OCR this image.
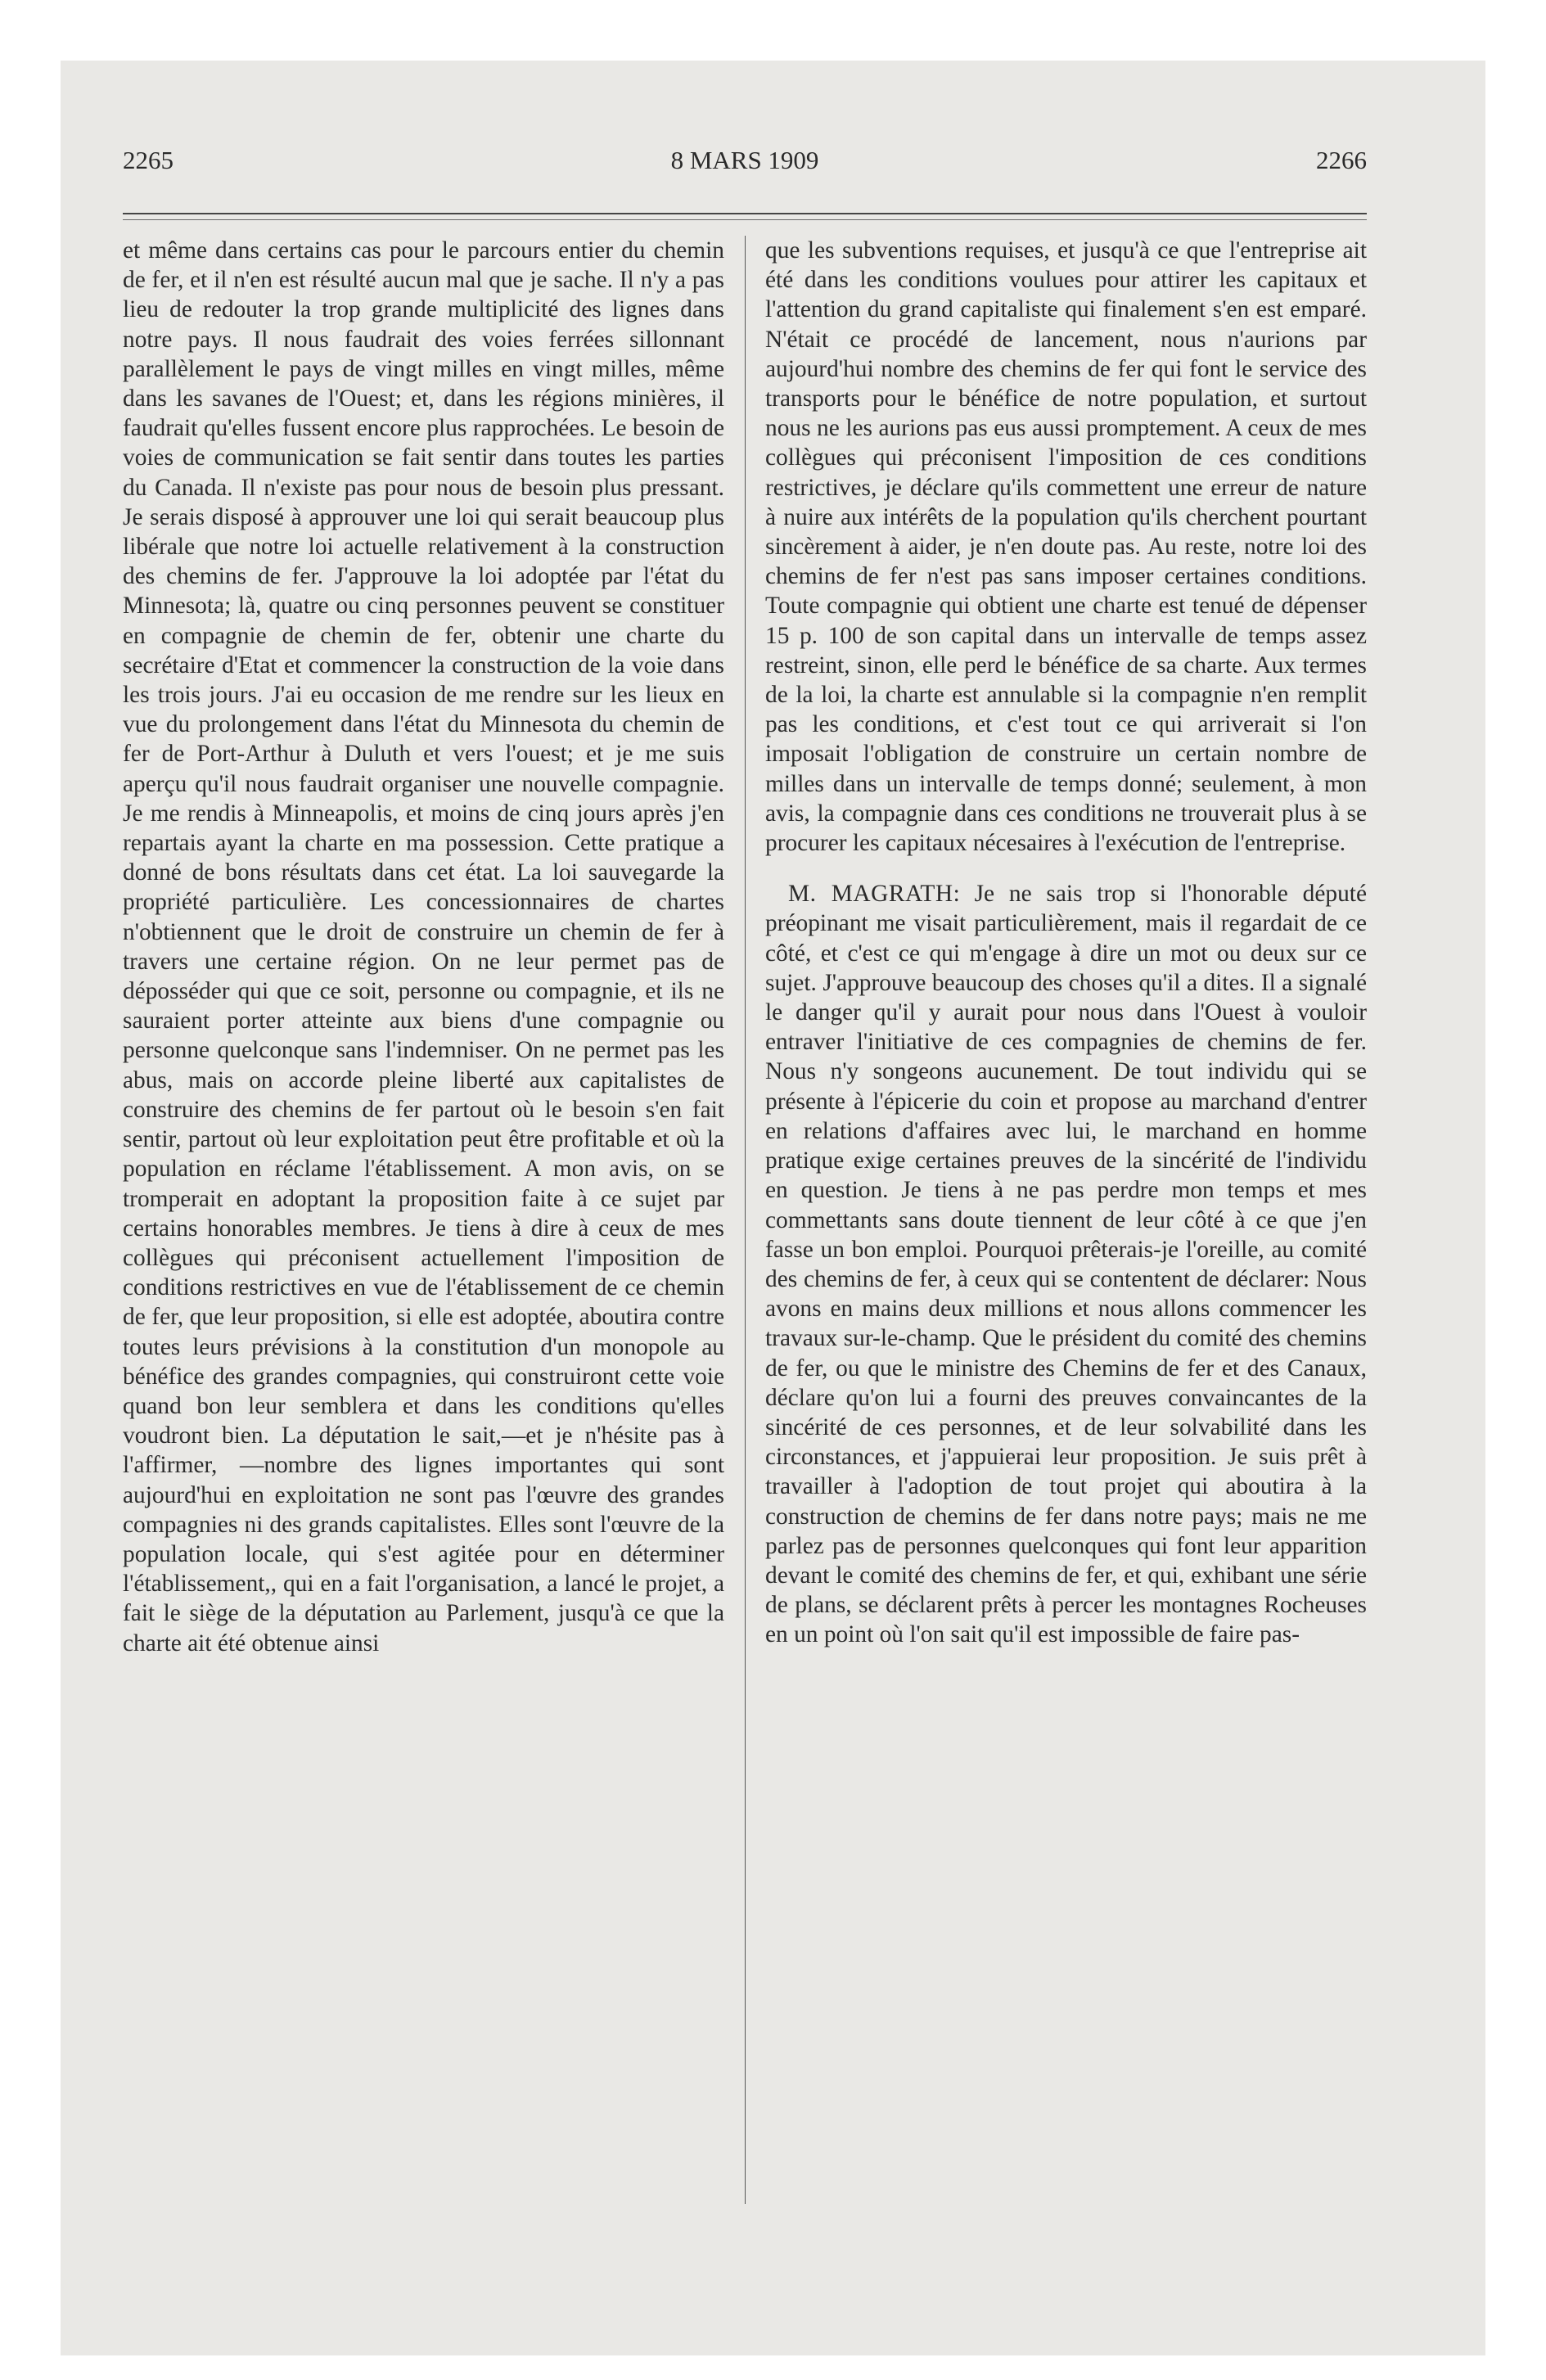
2265	8 MARS 1909	2266

et même dans certains cas pour le parcours entier du chemin de fer, et il n'en est résulté aucun mal que je sache. Il n'y a pas lieu de redouter la trop grande multiplicité des lignes dans notre pays. Il nous faudrait des voies ferrées sillonnant parallèlement le pays de vingt milles en vingt milles, même dans les savanes de l'Ouest; et, dans les régions minières, il faudrait qu'elles fussent encore plus rapprochées. Le besoin de voies de communication se fait sentir dans toutes les parties du Canada. Il n'existe pas pour nous de besoin plus pressant. Je serais disposé à approuver une loi qui serait beaucoup plus libérale que notre loi actuelle relativement à la construction des chemins de fer. J'approuve la loi adoptée par l'état du Minnesota; là, quatre ou cinq personnes peuvent se constituer en compagnie de chemin de fer, obtenir une charte du secrétaire d'Etat et commencer la construction de la voie dans les trois jours. J'ai eu occasion de me rendre sur les lieux en vue du prolongement dans l'état du Minnesota du chemin de fer de Port-Arthur à Duluth et vers l'ouest; et je me suis aperçu qu'il nous faudrait organiser une nouvelle compagnie. Je me rendis à Minneapolis, et moins de cinq jours après j'en repartais ayant la charte en ma possession. Cette pratique a donné de bons résultats dans cet état. La loi sauvegarde la propriété particulière. Les concessionnaires de chartes n'obtiennent que le droit de construire un chemin de fer à travers une certaine région. On ne leur permet pas de déposséder qui que ce soit, personne ou compagnie, et ils ne sauraient porter atteinte aux biens d'une compagnie ou personne quelconque sans l'indemniser. On ne permet pas les abus, mais on accorde pleine liberté aux capitalistes de construire des chemins de fer partout où le besoin s'en fait sentir, partout où leur exploitation peut être profitable et où la population en réclame l'établissement. A mon avis, on se tromperait en adoptant la proposition faite à ce sujet par certains honorables membres. Je tiens à dire à ceux de mes collègues qui préconisent actuellement l'imposition de conditions restrictives en vue de l'établissement de ce chemin de fer, que leur proposition, si elle est adoptée, aboutira contre toutes leurs prévisions à la constitution d'un monopole au bénéfice des grandes compagnies, qui construiront cette voie quand bon leur semblera et dans les conditions qu'elles voudront bien. La députation le sait,—et je n'hésite pas à l'affirmer, —nombre des lignes importantes qui sont aujourd'hui en exploitation ne sont pas l'œuvre des grandes compagnies ni des grands capitalistes. Elles sont l'œuvre de la population locale, qui s'est agitée pour en déterminer l'établissement,, qui en a fait l'organisation, a lancé le projet, a fait le siège de la députation au Parlement, jusqu'à ce que la charte ait été obtenue ainsi

que les subventions requises, et jusqu'à ce que l'entreprise ait été dans les conditions voulues pour attirer les capitaux et l'attention du grand capitaliste qui finalement s'en est emparé. N'était ce procédé de lancement, nous n'aurions par aujourd'hui nombre des chemins de fer qui font le service des transports pour le bénéfice de notre population, et surtout nous ne les aurions pas eus aussi promptement. A ceux de mes collègues qui préconisent l'imposition de ces conditions restrictives, je déclare qu'ils commettent une erreur de nature à nuire aux intérêts de la population qu'ils cherchent pourtant sincèrement à aider, je n'en doute pas. Au reste, notre loi des chemins de fer n'est pas sans imposer certaines conditions. Toute compagnie qui obtient une charte est tenué de dépenser 15 p. 100 de son capital dans un intervalle de temps assez restreint, sinon, elle perd le bénéfice de sa charte. Aux termes de la loi, la charte est annulable si la compagnie n'en remplit pas les conditions, et c'est tout ce qui arriverait si l'on imposait l'obligation de construire un certain nombre de milles dans un intervalle de temps donné; seulement, à mon avis, la compagnie dans ces conditions ne trouverait plus à se procurer les capitaux nécesaires à l'exécution de l'entreprise.

M. MAGRATH: Je ne sais trop si l'honorable député préopinant me visait particulièrement, mais il regardait de ce côté, et c'est ce qui m'engage à dire un mot ou deux sur ce sujet. J'approuve beaucoup des choses qu'il a dites. Il a signalé le danger qu'il y aurait pour nous dans l'Ouest à vouloir entraver l'initiative de ces compagnies de chemins de fer. Nous n'y songeons aucunement. De tout individu qui se présente à l'épicerie du coin et propose au marchand d'entrer en relations d'affaires avec lui, le marchand en homme pratique exige certaines preuves de la sincérité de l'individu en question. Je tiens à ne pas perdre mon temps et mes commettants sans doute tiennent de leur côté à ce que j'en fasse un bon emploi. Pourquoi prêterais-je l'oreille, au comité des chemins de fer, à ceux qui se contentent de déclarer: Nous avons en mains deux millions et nous allons commencer les travaux sur-le-champ. Que le président du comité des chemins de fer, ou que le ministre des Chemins de fer et des Canaux, déclare qu'on lui a fourni des preuves convaincantes de la sincérité de ces personnes, et de leur solvabilité dans les circonstances, et j'appuierai leur proposition. Je suis prêt à travailler à l'adoption de tout projet qui aboutira à la construction de chemins de fer dans notre pays; mais ne me parlez pas de personnes quelconques qui font leur apparition devant le comité des chemins de fer, et qui, exhibant une série de plans, se déclarent prêts à percer les montagnes Rocheuses en un point où l'on sait qu'il est impossible de faire pas-
